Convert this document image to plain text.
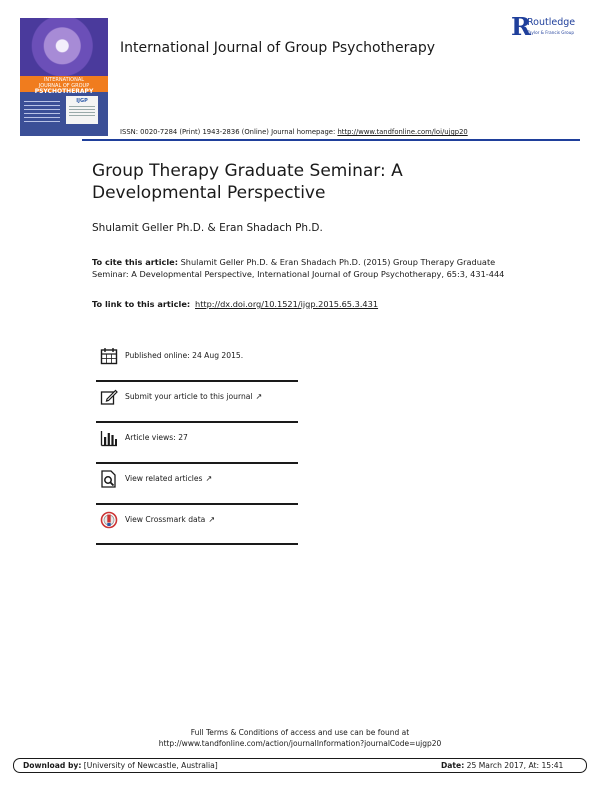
INTERNATIONAL
JOURNAL OF GROUP
PSYCHOTHERAPY
IJGP
International Journal of Group Psychotherapy
R
Routledge
Taylor & Francis Group
ISSN: 0020-7284 (Print) 1943-2836 (Online) Journal homepage: http://www.tandfonline.com/loi/ujgp20
Group Therapy Graduate Seminar: A Developmental Perspective
Shulamit Geller Ph.D. & Eran Shadach Ph.D.
To cite this article: Shulamit Geller Ph.D. & Eran Shadach Ph.D. (2015) Group Therapy Graduate Seminar: A Developmental Perspective, International Journal of Group Psychotherapy, 65:3, 431-444
To link to this article: http://dx.doi.org/10.1521/ijgp.2015.65.3.431
Published online: 24 Aug 2015.
Submit your article to this journal ↗
Article views: 27
View related articles ↗
View Crossmark data ↗
Full Terms & Conditions of access and use can be found at
http://www.tandfonline.com/action/journalInformation?journalCode=ujgp20
Download by: [University of Newcastle, Australia]	Date: 25 March 2017, At: 15:41
